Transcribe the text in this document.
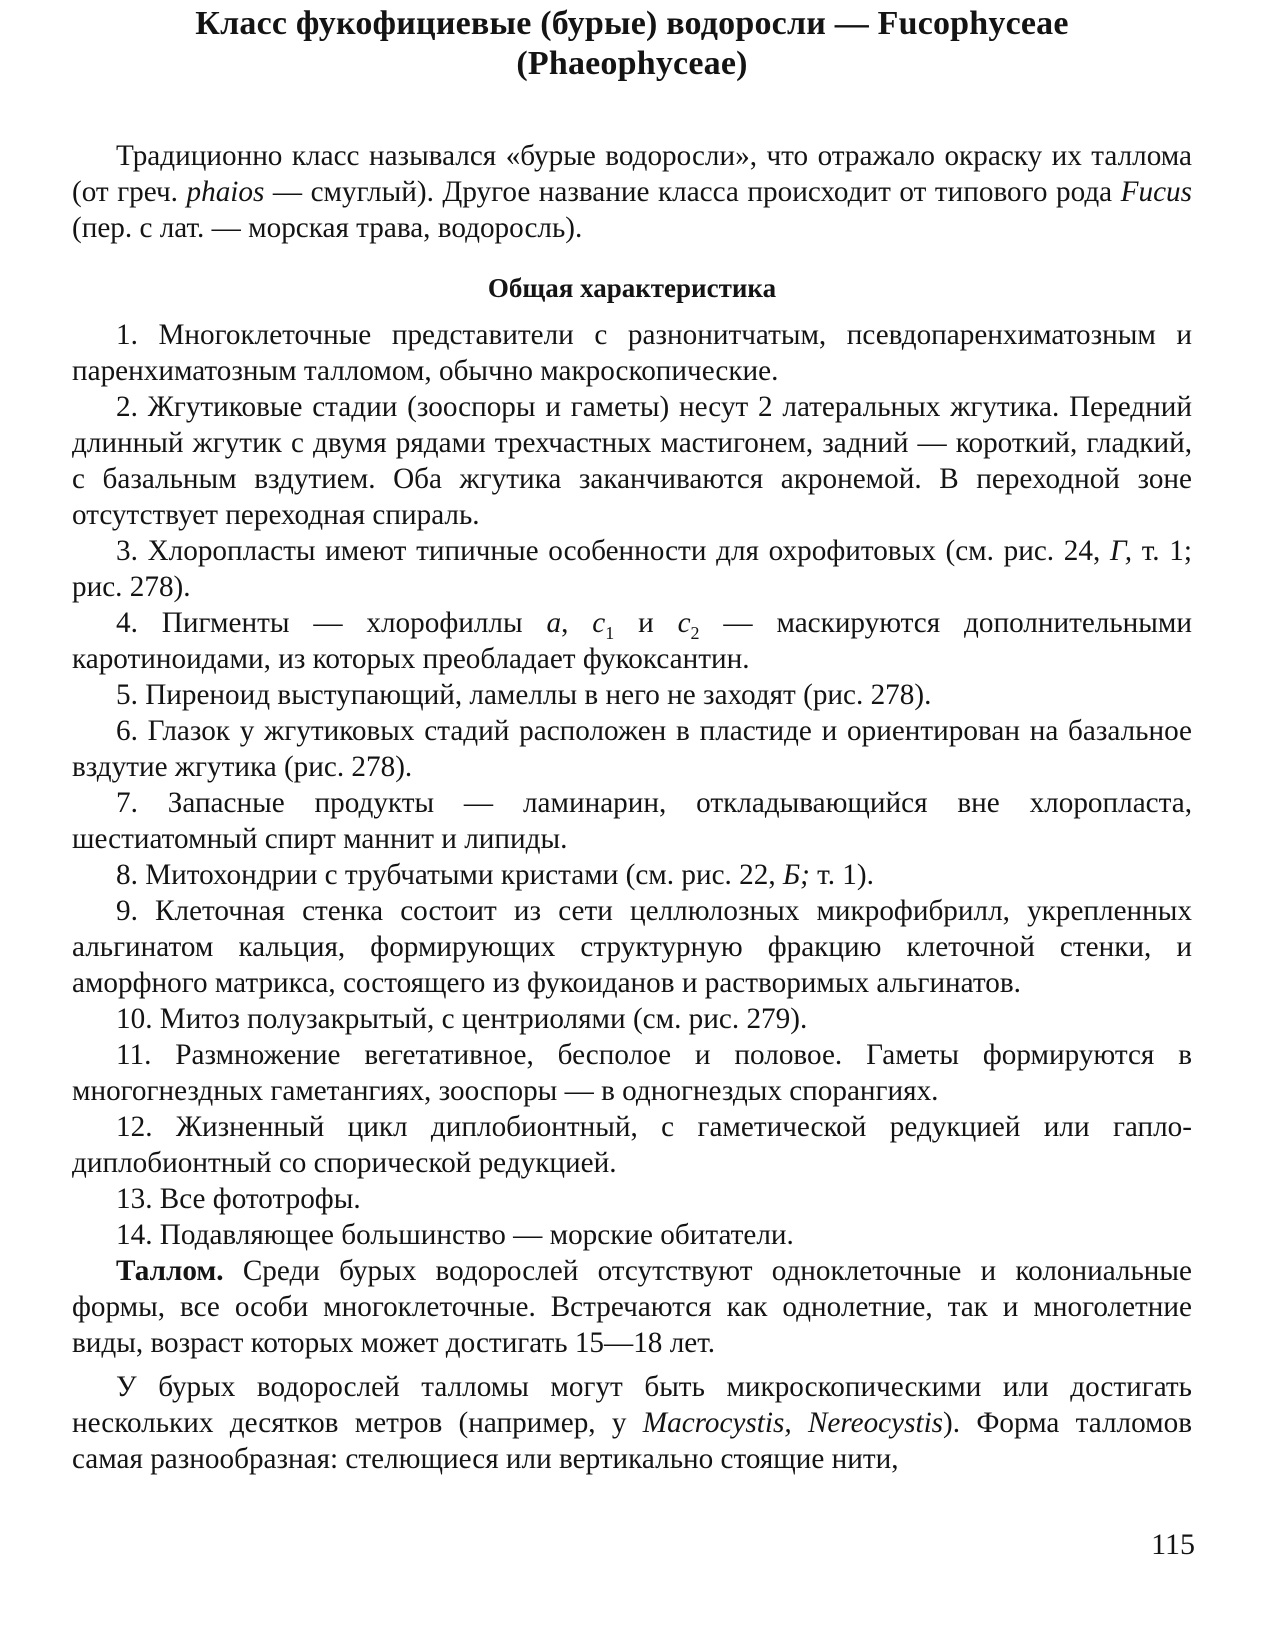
Класс фукофициевые (бурые) водоросли — Fucophyceae
(Phaeophyceae)

Традиционно класс назывался «бурые водоросли», что отражало окраску их таллома (от греч. phaios — смуглый). Другое название класса происходит от типового рода Fucus (пер. с лат. — морская трава, водоросль).

Общая характеристика

1. Многоклеточные представители с разнонитчатым, псевдопаренхиматозным и паренхиматозным талломом, обычно макроскопические.

2. Жгутиковые стадии (зооспоры и гаметы) несут 2 латеральных жгутика. Передний длинный жгутик с двумя рядами трехчастных мастигонем, задний — короткий, гладкий, с базальным вздутием. Оба жгутика заканчиваются акронемой. В переходной зоне отсутствует переходная спираль.

3. Хлоропласты имеют типичные особенности для охрофитовых (см. рис. 24, Г, т. 1; рис. 278).

4. Пигменты — хлорофиллы a, $c_1$ и $c_2$ — маскируются дополнительными каротиноидами, из которых преобладает фукоксантин.

5. Пиреноид выступающий, ламеллы в него не заходят (рис. 278).

6. Глазок у жгутиковых стадий расположен в пластиде и ориентирован на базальное вздутие жгутика (рис. 278).

7. Запасные продукты — ламинарин, откладывающийся вне хлоропласта, шестиатомный спирт маннит и липиды.

8. Митохондрии с трубчатыми кристами (см. рис. 22, Б; т. 1).

9. Клеточная стенка состоит из сети целлюлозных микрофибрилл, укрепленных альгинатом кальция, формирующих структурную фракцию клеточной стенки, и аморфного матрикса, состоящего из фукоиданов и растворимых альгинатов.

10. Митоз полузакрытый, с центриолями (см. рис. 279).

11. Размножение вегетативное, бесполое и половое. Гаметы формируются в многогнездных гаметангиях, зооспоры — в одногнездых спорангиях.

12. Жизненный цикл диплобионтный, с гаметической редукцией или гапло-диплобионтный со спорической редукцией.

13. Все фототрофы.

14. Подавляющее большинство — морские обитатели.

Таллом. Среди бурых водорослей отсутствуют одноклеточные и колониальные формы, все особи многоклеточные. Встречаются как однолетние, так и многолетние виды, возраст которых может достигать 15—18 лет.

У бурых водорослей талломы могут быть микроскопическими или достигать нескольких десятков метров (например, у Macrocystis, Nereocystis). Форма талломов самая разнообразная: стелющиеся или вертикально стоящие нити,

115
